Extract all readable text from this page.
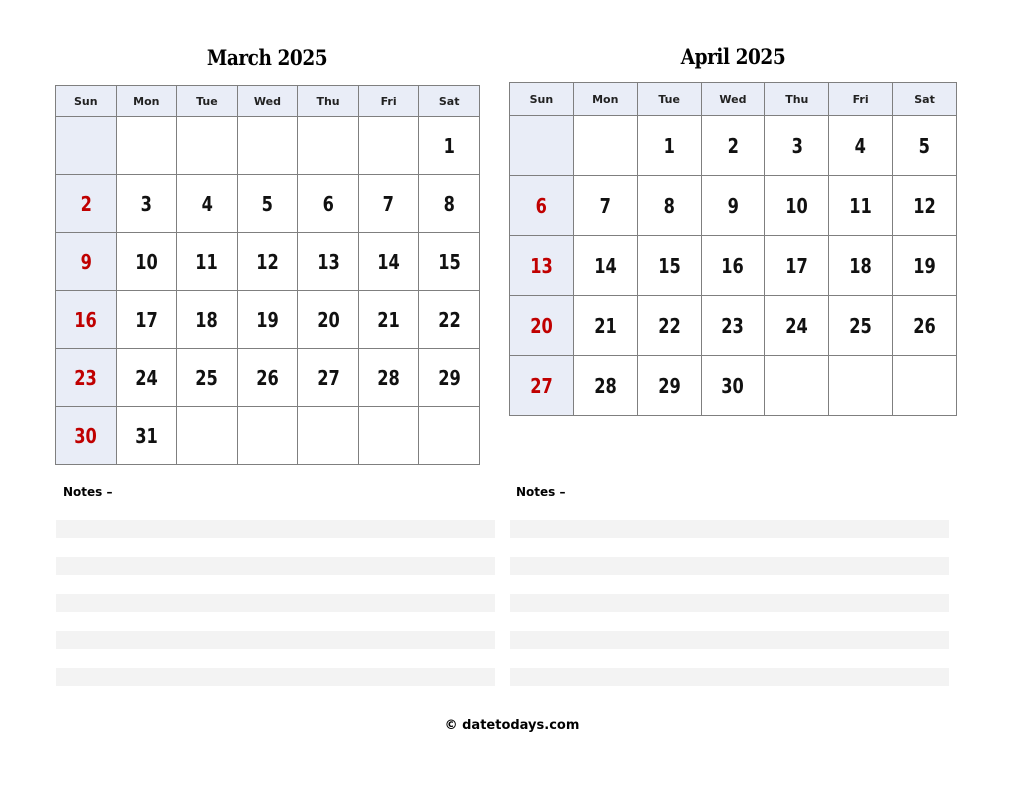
March 2025
Sun	Mon	Tue	Wed	Thu	Fri	Sat
						1
2	3	4	5	6	7	8
9	10	11	12	13	14	15
16	17	18	19	20	21	22
23	24	25	26	27	28	29
30	31					
Notes –
April 2025
Sun	Mon	Tue	Wed	Thu	Fri	Sat
		1	2	3	4	5
6	7	8	9	10	11	12
13	14	15	16	17	18	19
20	21	22	23	24	25	26
27	28	29	30			
Notes –
© datetodays.com
